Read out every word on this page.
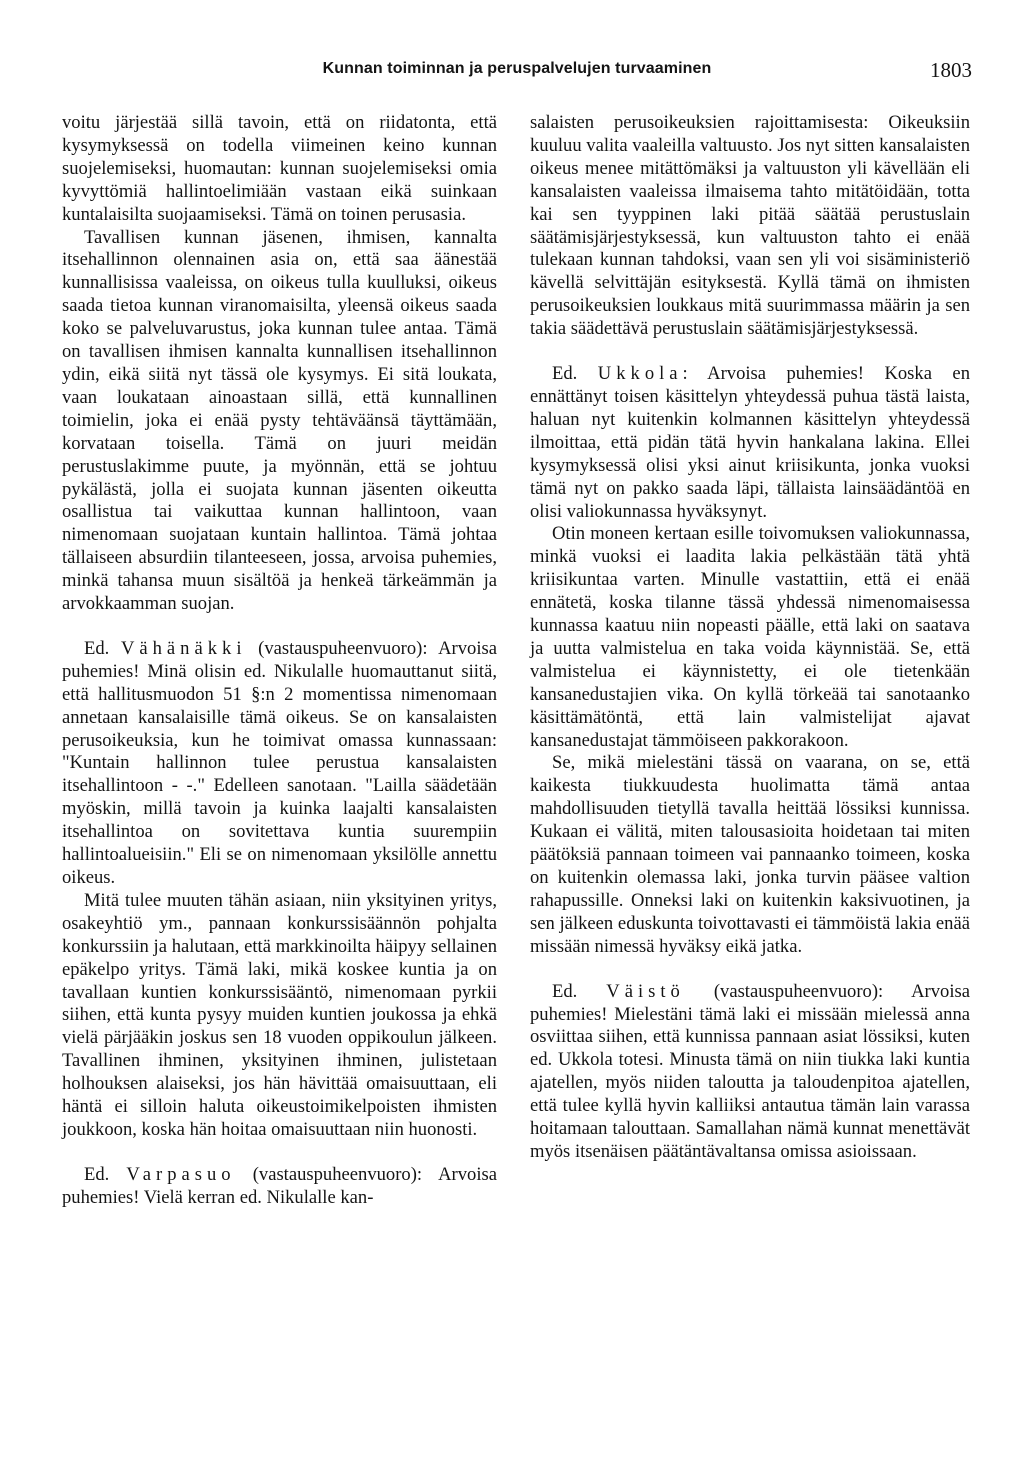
Kunnan toiminnan ja peruspalvelujen turvaaminen	1803

voitu järjestää sillä tavoin, että on riidatonta, että kysymyksessä on todella viimeinen keino kunnan suojelemiseksi, huomautan: kunnan suojelemiseksi omia kyvyttömiä hallintoelimiään vastaan eikä suinkaan kuntalaisilta suojaamiseksi. Tämä on toinen perusasia.

Tavallisen kunnan jäsenen, ihmisen, kannalta itsehallinnon olennainen asia on, että saa äänestää kunnallisissa vaaleissa, on oikeus tulla kuulluksi, oikeus saada tietoa kunnan viranomaisilta, yleensä oikeus saada koko se palveluvarustus, joka kunnan tulee antaa. Tämä on tavallisen ihmisen kannalta kunnallisen itsehallinnon ydin, eikä siitä nyt tässä ole kysymys. Ei sitä loukata, vaan loukataan ainoastaan sillä, että kunnallinen toimielin, joka ei enää pysty tehtäväänsä täyttämään, korvataan toisella. Tämä on juuri meidän perustuslakimme puute, ja myönnän, että se johtuu pykälästä, jolla ei suojata kunnan jäsenten oikeutta osallistua tai vaikuttaa kunnan hallintoon, vaan nimenomaan suojataan kuntain hallintoa. Tämä johtaa tällaiseen absurdiin tilanteeseen, jossa, arvoisa puhemies, minkä tahansa muun sisältöä ja henkeä tärkeämmän ja arvokkaamman suojan.

Ed. Vähänäkki (vastauspuheenvuoro): Arvoisa puhemies! Minä olisin ed. Nikulalle huomauttanut siitä, että hallitusmuodon 51 §:n 2 momentissa nimenomaan annetaan kansalaisille tämä oikeus. Se on kansalaisten perusoikeuksia, kun he toimivat omassa kunnassaan: "Kuntain hallinnon tulee perustua kansalaisten itsehallintoon - -." Edelleen sanotaan. "Lailla säädetään myöskin, millä tavoin ja kuinka laajalti kansalaisten itsehallintoa on sovitettava kuntia suurempiin hallintoalueisiin." Eli se on nimenomaan yksilölle annettu oikeus.

Mitä tulee muuten tähän asiaan, niin yksityinen yritys, osakeyhtiö ym., pannaan konkurssisäännön pohjalta konkurssiin ja halutaan, että markkinoilta häipyy sellainen epäkelpo yritys. Tämä laki, mikä koskee kuntia ja on tavallaan kuntien konkurssisääntö, nimenomaan pyrkii siihen, että kunta pysyy muiden kuntien joukossa ja ehkä vielä pärjääkin joskus sen 18 vuoden oppikoulun jälkeen. Tavallinen ihminen, yksityinen ihminen, julistetaan holhouksen alaiseksi, jos hän hävittää omaisuuttaan, eli häntä ei silloin haluta oikeustoimikelpoisten ihmisten joukkoon, koska hän hoitaa omaisuuttaan niin huonosti.

Ed. Varpasuo (vastauspuheenvuoro): Arvoisa puhemies! Vielä kerran ed. Nikulalle kan-

salaisten perusoikeuksien rajoittamisesta: Oikeuksiin kuuluu valita vaaleilla valtuusto. Jos nyt sitten kansalaisten oikeus menee mitättömäksi ja valtuuston yli kävellään eli kansalaisten vaaleissa ilmaisema tahto mitätöidään, totta kai sen tyyppinen laki pitää säätää perustuslain säätämisjärjestyksessä, kun valtuuston tahto ei enää tulekaan kunnan tahdoksi, vaan sen yli voi sisäministeriö kävellä selvittäjän esityksestä. Kyllä tämä on ihmisten perusoikeuksien loukkaus mitä suurimmassa määrin ja sen takia säädettävä perustuslain säätämisjärjestyksessä.

Ed. Ukkola: Arvoisa puhemies! Koska en ennättänyt toisen käsittelyn yhteydessä puhua tästä laista, haluan nyt kuitenkin kolmannen käsittelyn yhteydessä ilmoittaa, että pidän tätä hyvin hankalana lakina. Ellei kysymyksessä olisi yksi ainut kriisikunta, jonka vuoksi tämä nyt on pakko saada läpi, tällaista lainsäädäntöä en olisi valiokunnassa hyväksynyt.

Otin moneen kertaan esille toivomuksen valiokunnassa, minkä vuoksi ei laadita lakia pelkästään tätä yhtä kriisikuntaa varten. Minulle vastattiin, että ei enää ennätetä, koska tilanne tässä yhdessä nimenomaisessa kunnassa kaatuu niin nopeasti päälle, että laki on saatava ja uutta valmistelua en taka voida käynnistää. Se, että valmistelua ei käynnistetty, ei ole tietenkään kansanedustajien vika. On kyllä törkeää tai sanotaanko käsittämätöntä, että lain valmistelijat ajavat kansanedustajat tämmöiseen pakkorakoon.

Se, mikä mielestäni tässä on vaarana, on se, että kaikesta tiukkuudesta huolimatta tämä antaa mahdollisuuden tietyllä tavalla heittää lössiksi kunnissa. Kukaan ei välitä, miten talousasioita hoidetaan tai miten päätöksiä pannaan toimeen vai pannaanko toimeen, koska on kuitenkin olemassa laki, jonka turvin pääsee valtion rahapussille. Onneksi laki on kuitenkin kaksivuotinen, ja sen jälkeen eduskunta toivottavasti ei tämmöistä lakia enää missään nimessä hyväksy eikä jatka.

Ed. Väistö (vastauspuheenvuoro): Arvoisa puhemies! Mielestäni tämä laki ei missään mielessä anna osviittaa siihen, että kunnissa pannaan asiat lössiksi, kuten ed. Ukkola totesi. Minusta tämä on niin tiukka laki kuntia ajatellen, myös niiden taloutta ja taloudenpitoa ajatellen, että tulee kyllä hyvin kalliiksi antautua tämän lain varassa hoitamaan talouttaan. Samallahan nämä kunnat menettävät myös itsenäisen päätäntävaltansa omissa asioissaan.
